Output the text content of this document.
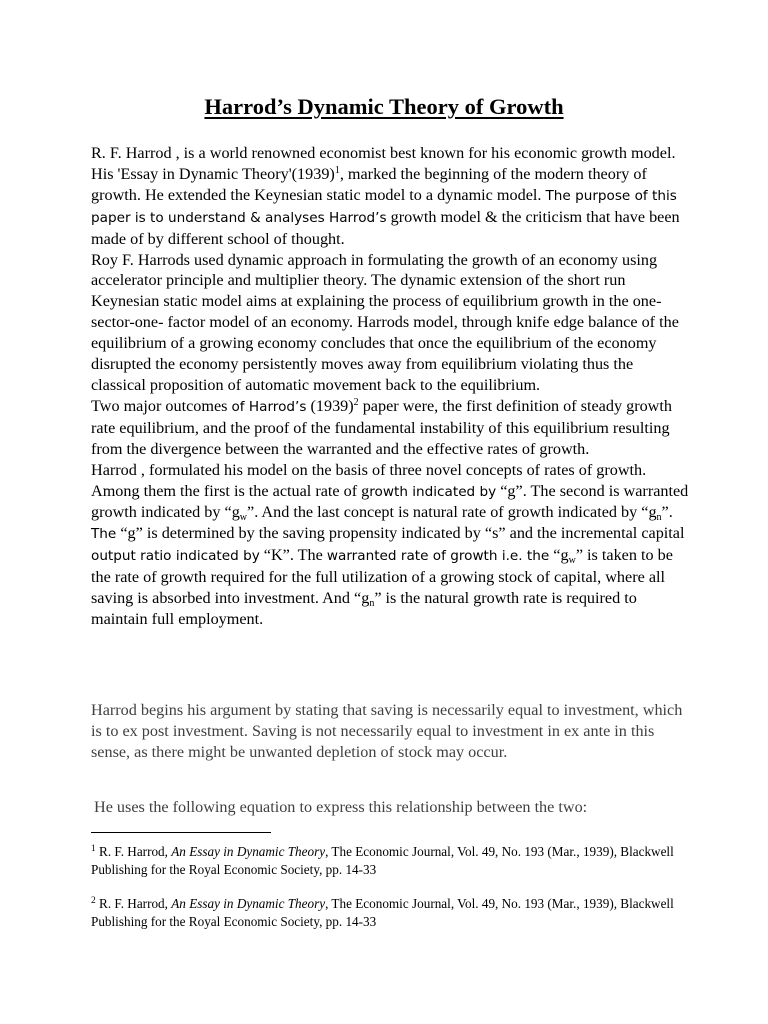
Harrod’s Dynamic Theory of Growth

R. F. Harrod , is a world renowned economist best known for his economic growth model. His 'Essay in Dynamic $Theory'(1939)^1$, marked the beginning of the modern theory of growth. He extended the Keynesian static model to a dynamic model. The purpose of this paper is to understand & analyses Harrod’s growth model & the criticism that have been made of by different school of thought.

Roy F. Harrods used dynamic approach in formulating the growth of an economy using accelerator principle and multiplier theory. The dynamic extension of the short run Keynesian static model aims at explaining the process of equilibrium growth in the one- sector-one- factor model of an economy. Harrods model, through knife edge balance of the equilibrium of a growing economy concludes that once the equilibrium of the economy disrupted the economy persistently moves away from equilibrium violating thus the classical proposition of automatic movement back to the equilibrium.

Two major outcomes of Harrod’s $(1939)^2$ paper were, the first definition of steady growth rate equilibrium, and the proof of the fundamental instability of this equilibrium resulting from the divergence between the warranted and the effective rates of growth.

Harrod , formulated his model on the basis of three novel concepts of rates of growth. Among them the first is the actual rate of growth indicated by “g”. The second is warranted growth indicated by “$g_w$”. And the last concept is natural rate of growth indicated by “$g_n$”. The “g” is determined by the saving propensity indicated by “s” and the incremental capital output ratio indicated by “K”. The warranted rate of growth i.e. the “$g_w$” is taken to be the rate of growth required for the full utilization of a growing stock of capital, where all saving is absorbed into investment. And “$g_n$” is the natural growth rate is required to maintain full employment.

Harrod begins his argument by stating that saving is necessarily equal to investment, which is to ex post investment. Saving is not necessarily equal to investment in ex ante in this sense, as there might be unwanted depletion of stock may occur.

He uses the following equation to express this relationship between the two:

$^1$ R. F. Harrod, An Essay in Dynamic Theory, The Economic Journal, Vol. 49, No. 193 (Mar., 1939), Blackwell Publishing for the Royal Economic Society, pp. 14-33

$^2$ R. F. Harrod, An Essay in Dynamic Theory, The Economic Journal, Vol. 49, No. 193 (Mar., 1939), Blackwell Publishing for the Royal Economic Society, pp. 14-33
